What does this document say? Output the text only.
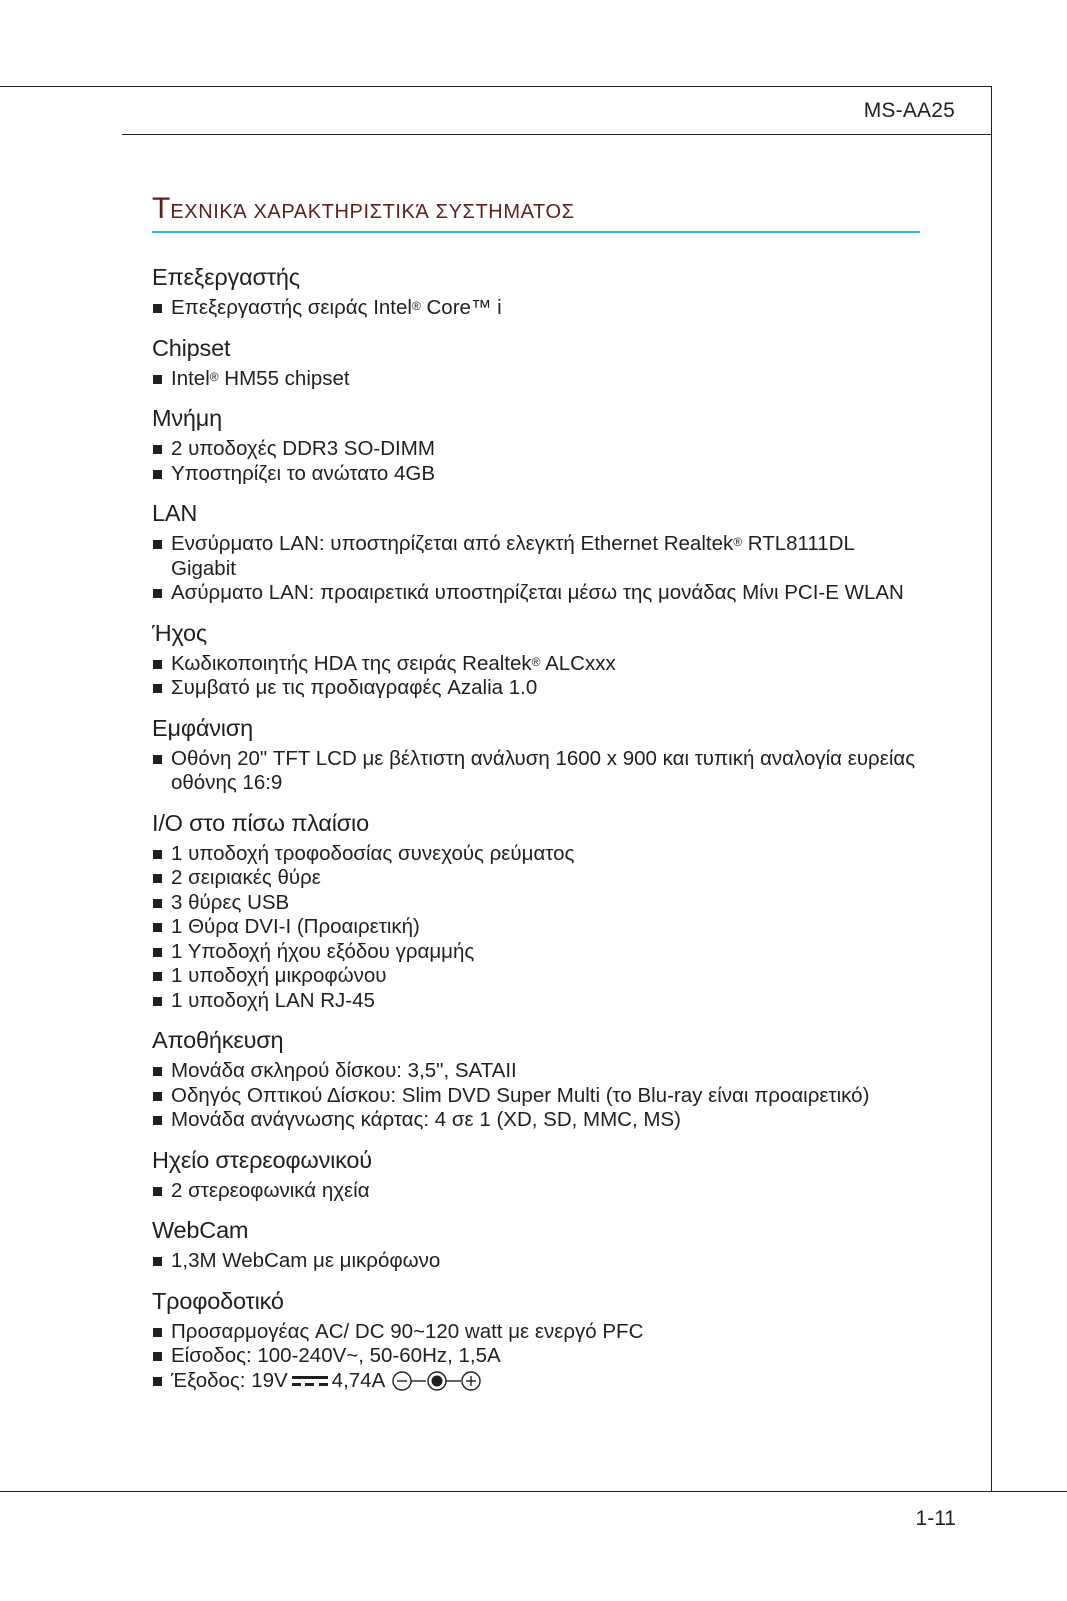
MS-AA25
ΤΕΧΝΙΚΆ ΧΑΡΑΚΤΗΡΙΣΤΙΚΆ ΣΥΣΤΗΜΑΤΟΣ
Επεξεργαστής
Επεξεργαστής σειράς Intel® Core™ i
Chipset
Intel® HM55 chipset
Μνήμη
2 υποδοχές DDR3 SO-DIMM
Υποστηρίζει το ανώτατο 4GB
LAN
Ενσύρματο LAN: υποστηρίζεται από ελεγκτή Ethernet Realtek® RTL8111DL Gigabit
Ασύρματο LAN: προαιρετικά υποστηρίζεται μέσω της μονάδας Mίνι PCI-E WLAN
Ήχος
Κωδικοποιητής HDA της σειράς Realtek® ALCxxx
Συμβατό με τις προδιαγραφές Azalia 1.0
Εμφάνιση
Οθόνη 20" TFT LCD με βέλτιστη ανάλυση 1600 x 900 και τυπική αναλογία ευρείας οθόνης 16:9
I/O στο πίσω πλαίσιο
1 υποδοχή τροφοδοσίας συνεχούς ρεύματος
2 σειριακές θύρε
3 θύρες USB
1 Θύρα DVI-I (Προαιρετική)
1 Υποδοχή ήχου εξόδου γραμμής
1 υποδοχή μικροφώνου
1 υποδοχή LAN RJ-45
Αποθήκευση
Μονάδα σκληρού δίσκου: 3,5", SATAII
Οδηγός Οπτικού Δίσκου: Slim DVD Super Multi (το Blu-ray είναι προαιρετικό)
Μονάδα ανάγνωσης κάρτας: 4 σε 1 (XD, SD, MMC, MS)
Ηχείο στερεοφωνικού
2 στερεοφωνικά ηχεία
WebCam
1,3M WebCam με μικρόφωνο
Τροφοδοτικό
Προσαρμογέας AC/ DC 90~120 watt με ενεργό PFC
Είσοδος: 100-240V~, 50-60Hz, 1,5A
Έξοδος: 19V 4,74A
1-11
